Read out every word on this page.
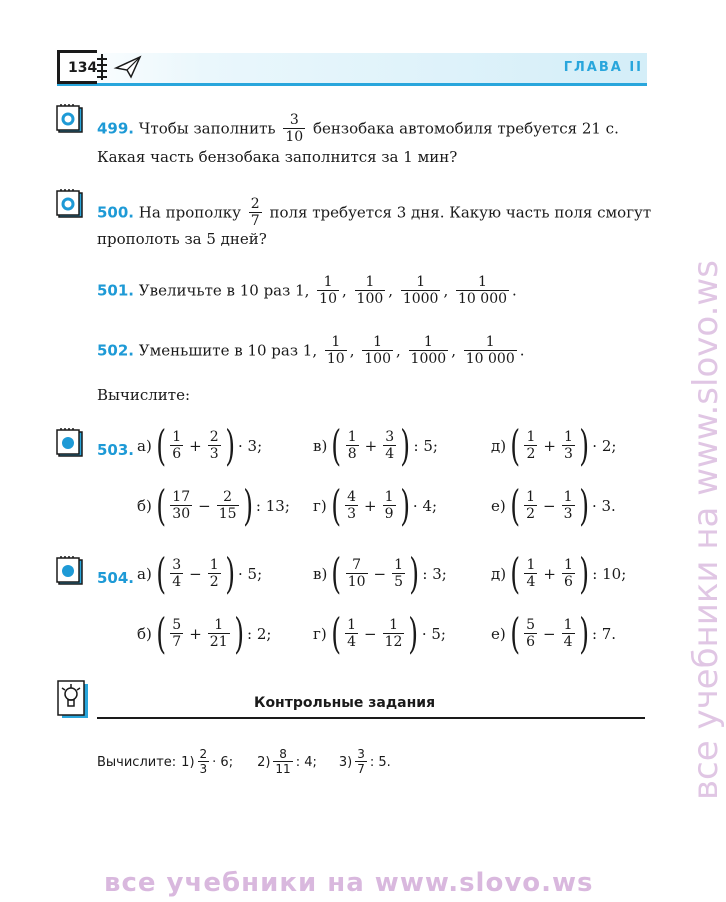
134	ГЛАВА II
499. Чтобы заполнить $\frac{3}{10}$ бензобака автомобиля требуется 21 с.
Какая часть бензобака заполнится за 1 мин?
500. На прополку $\frac{2}{7}$ поля требуется 3 дня. Какую часть поля смогут
прополоть за 5 дней?
501. Увеличьте в 10 раз 1, $\frac{1}{10}$ , $\frac{1}{100}$ , $\frac{1}{1000}$ , $\frac{1}{10 000}$ .
502. Уменьшите в 10 раз 1, $\frac{1}{10}$ , $\frac{1}{100}$ , $\frac{1}{1000}$ , $\frac{1}{10 000}$ .
Вычислите:
503.
504.
а) ( $\frac{1}{6} + \frac{2}{3}$ ) · 3;	в) ( $\frac{1}{8} + \frac{3}{4}$ ) : 5;	д) ( $\frac{1}{2} + \frac{1}{3}$ ) · 2;
б) ( $\frac{17}{30} - \frac{2}{15}$ ) : 13; г) ( $\frac{4}{3} + \frac{1}{9}$ ) · 4;	е) ( $\frac{1}{2} - \frac{1}{3}$ ) · 3.
а) ( $\frac{3}{4} - \frac{1}{2}$ ) · 5;	в) ( $\frac{7}{10} - \frac{1}{5}$ ) : 3;	д) ( $\frac{1}{4} + \frac{1}{6}$ ) : 10;
б) ( $\frac{5}{7} + \frac{1}{21}$ ) : 2;	г) ( $\frac{1}{4} - \frac{1}{12}$ ) · 5;	е) ( $\frac{5}{6} - \frac{1}{4}$ ) : 7.
Контрольные задания
Вычислите: $1) \frac{2}{3} \cdot 6$; $2) \frac{8}{11}$ : 4; $3) \frac{3}{7}$ : 5.
все учебники на www.slovo.ws
все учебники на www.slovo.ws
